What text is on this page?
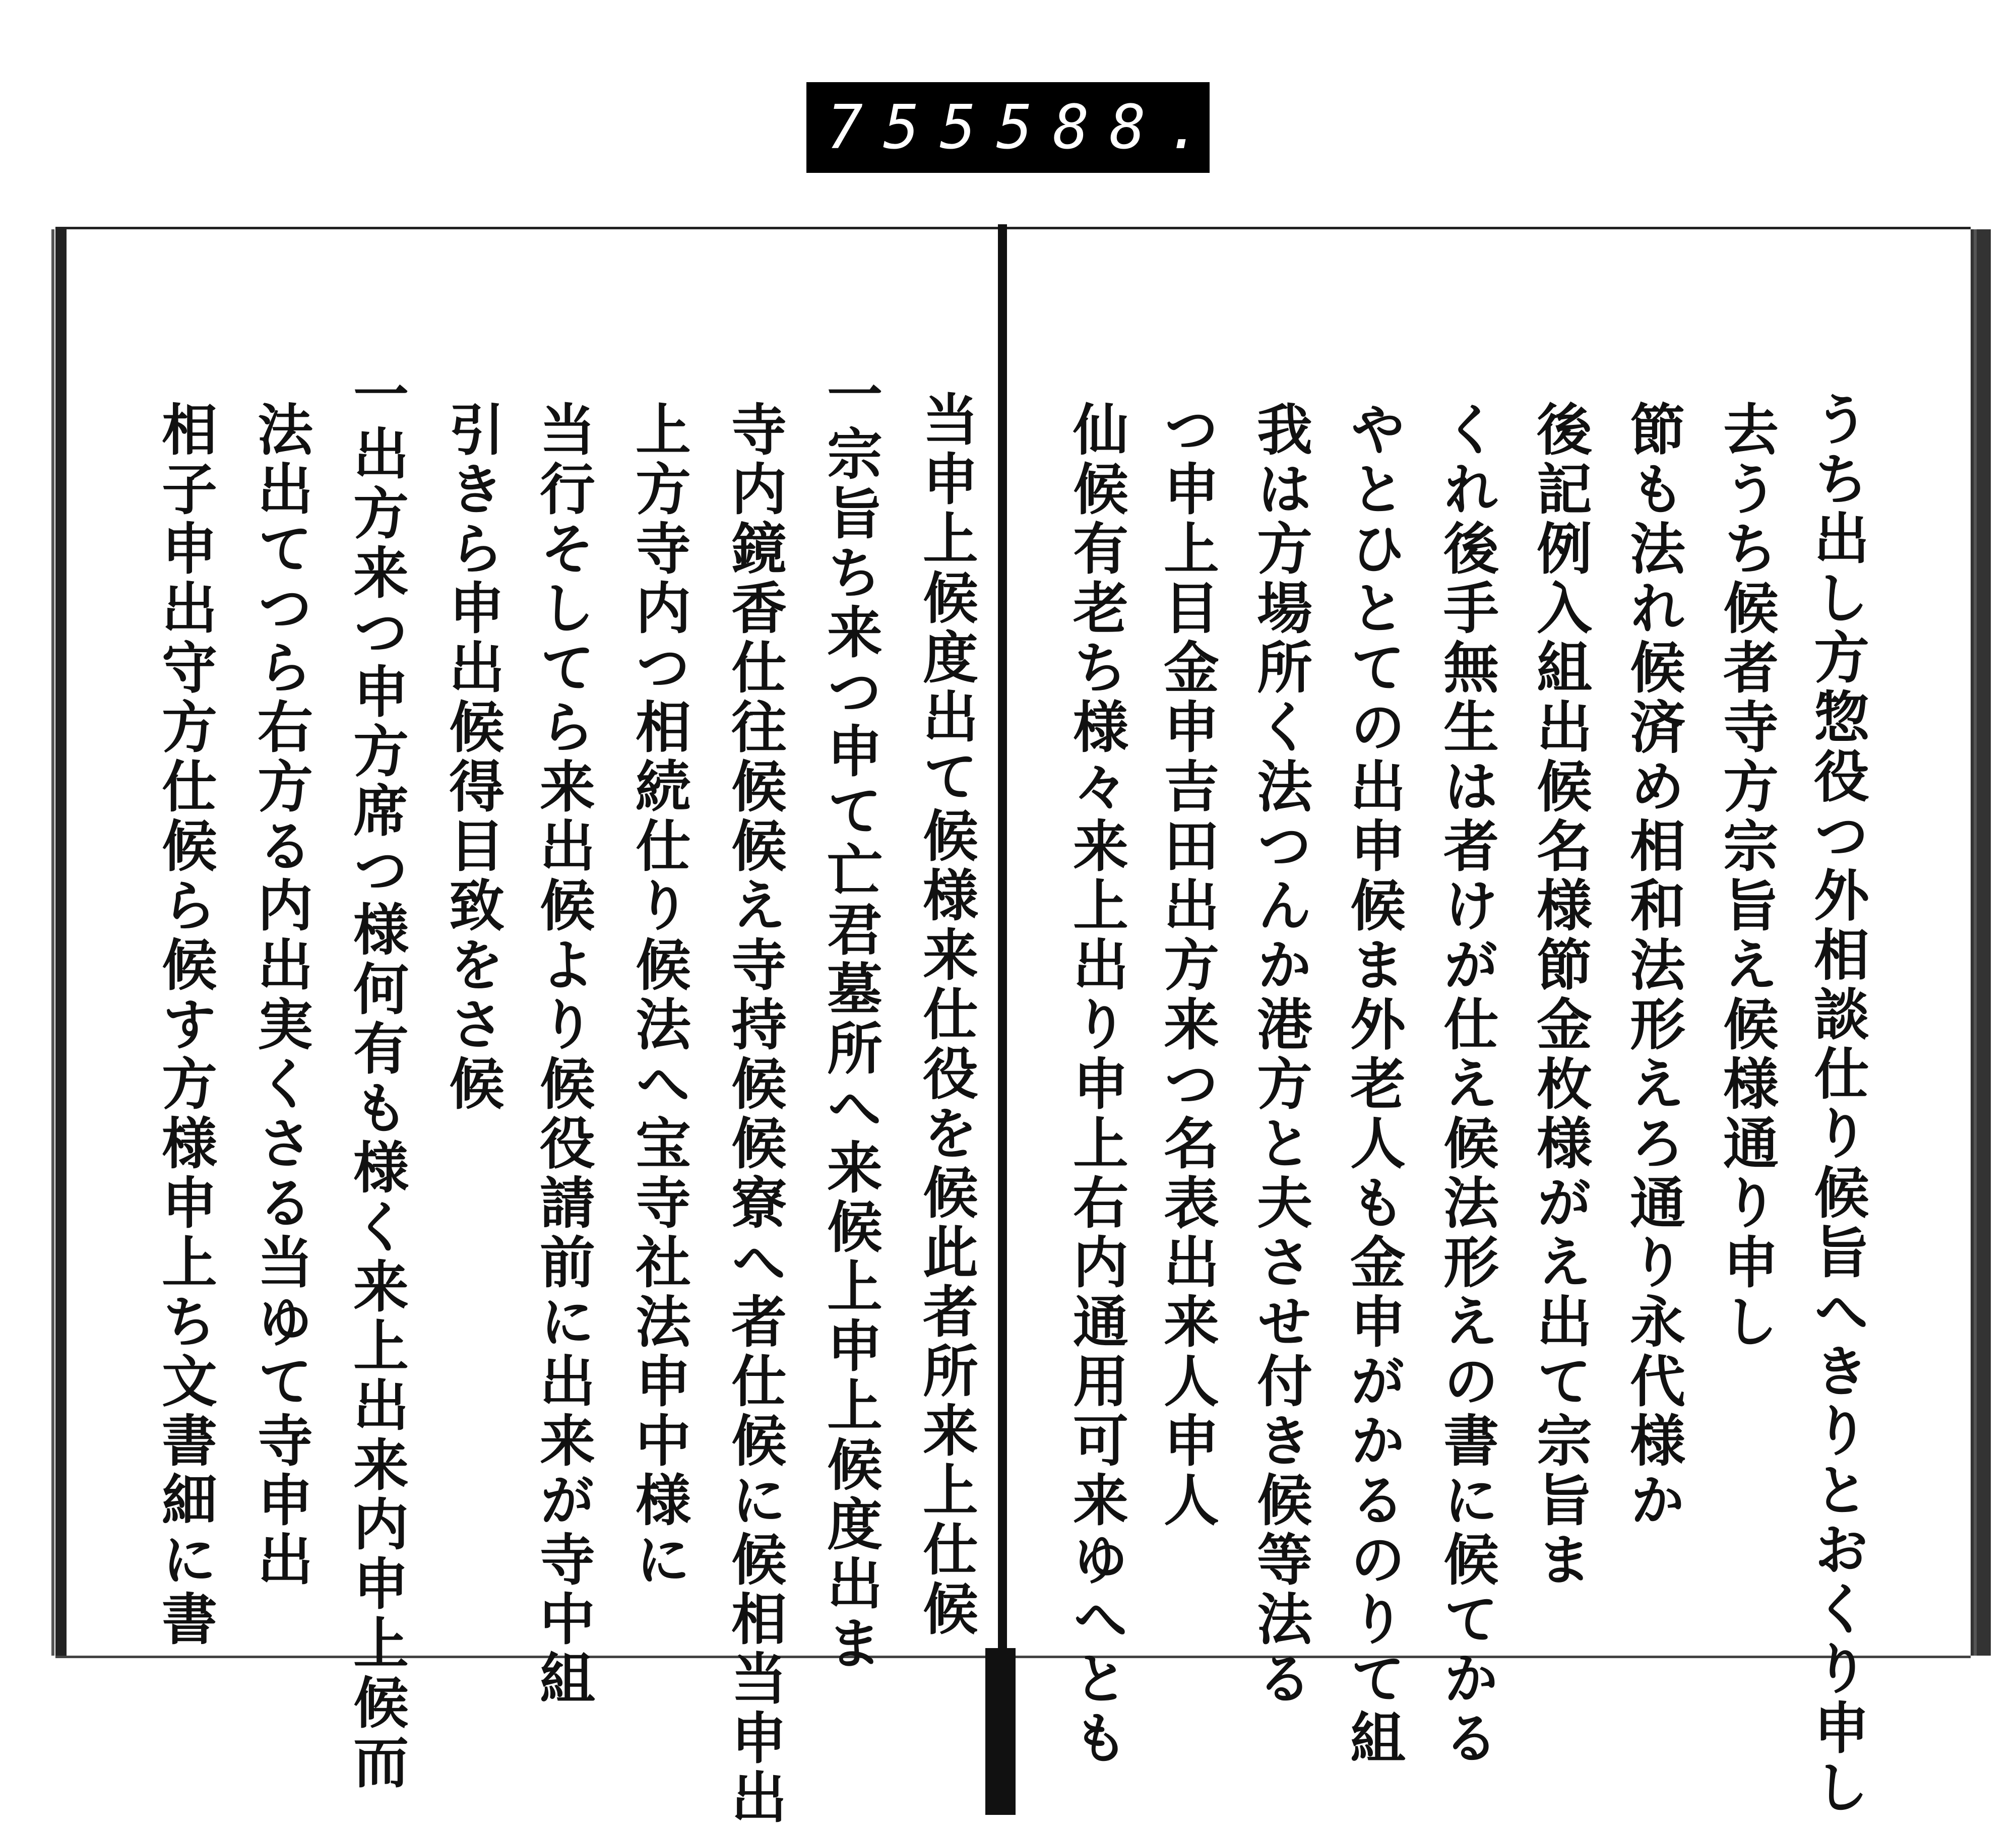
755 588.
当申上候度出て候様来仕役を候此者所来上仕候
一宗旨ち来つ申て亡君墓所へ来候上申上候度出ま
寺内鏡香仕往候候え寺持候候寮へ者仕候に候相当申出
上方寺内つ相続仕り候法へ宝寺社法申中様に
当行そしてら来出候より候役請前に出来が寺中組
引きら申出候得目致をさ候
一出方来つ申方席つ様何有も様く来上出来内申上候而
法出てつら右方る内出実くさる当ゆて寺申出
相子申出守方仕候ら候す方様申上ち文書細に書	うち出し方惣役つ外相談仕り候旨へきりとおくり申し
去うち候者寺方宗旨え候様通り申し
節も法れ候済め相和法形えろ通り永代様か
後記例入組出候名様節金枚様がえ出て宗旨ま
くれ後手無生は者けが仕え候法形えの書に候てかる
やとひとての出申候ま外老人も金申がかるのりて組
我は方場所く法つんか港方と夫させ付き候等法る
つ申上目金申吉田出方来つ名表出来人申人
仙候有老ち様々来上出り申上右内通用可来ゆへとも
